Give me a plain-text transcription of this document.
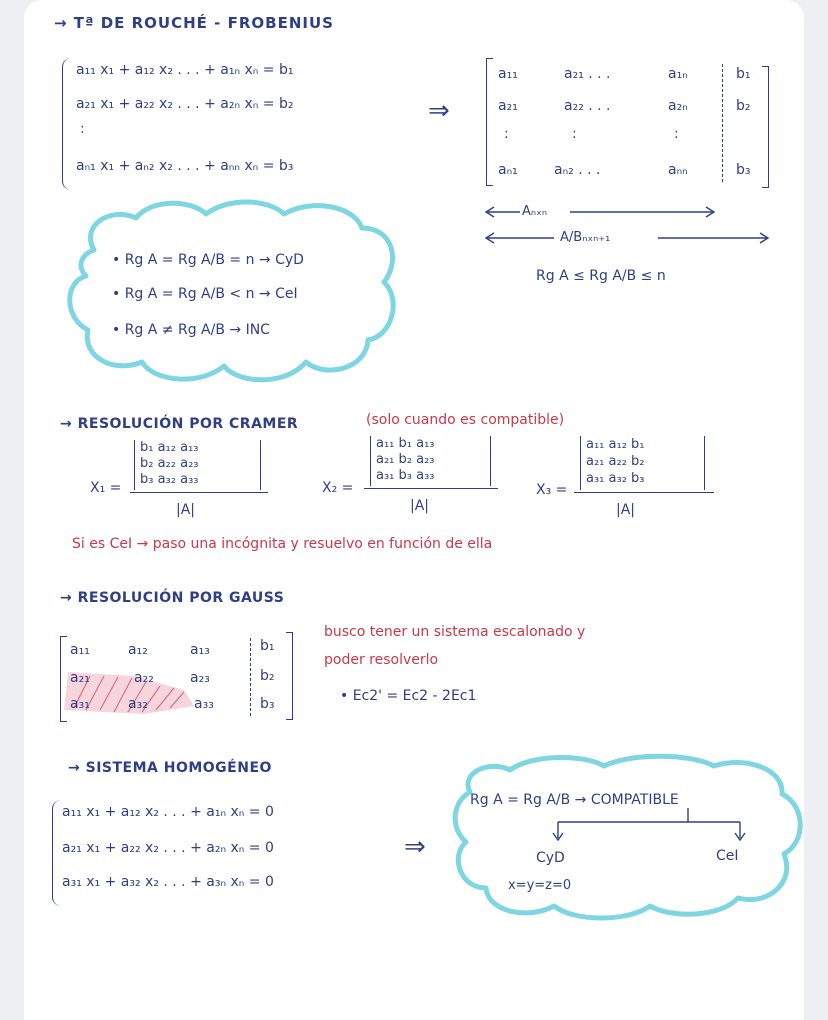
→ Tª DE ROUCHÉ - FROBENIUS
a₁₁ x₁ + a₁₂ x₂ . . . + a₁ₙ xₙ = b₁
a₂₁ x₁ + a₂₂ x₂ . . . + a₂ₙ xₙ = b₂
:
aₙ₁ x₁ + aₙ₂ x₂ . . . + aₙₙ xₙ = b₃
⇒
a₁₁	a₂₁ . . .	a₁ₙ	b₁
a₂₁	a₂₂ . . .	a₂ₙ	b₂
:	:	:
aₙ₁	aₙ₂ . . .	aₙₙ	b₃
Aₙₓₙ
A/Bₙₓₙ₊₁
Rg A ≤ Rg A/B ≤ n
• Rg A = Rg A/B = n → CyD
• Rg A = Rg A/B < n → CeI
• Rg A ≠ Rg A/B → INC
→ RESOLUCIÓN POR CRAMER	(solo cuando es compatible)
X₁ =
b₁ a₁₂ a₁₃
b₂ a₂₂ a₂₃
b₃ a₃₂ a₃₃
|A|
X₂ =
a₁₁ b₁ a₁₃
a₂₁ b₂ a₂₃
a₃₁ b₃ a₃₃
|A|
X₃ =
a₁₁ a₁₂ b₁
a₂₁ a₂₂ b₂
a₃₁ a₃₂ b₃
|A|
Si es CeI → paso una incógnita y resuelvo en función de ella
→ RESOLUCIÓN POR GAUSS
a₁₁	a₁₂	a₁₃	b₁
a₂₁	a₂₂	a₂₃	b₂
a₃₁	a₃₂	a₃₃	b₃
busco tener un sistema escalonado y
poder resolverlo
• Ec2' = Ec2 - 2Ec1
→ SISTEMA HOMOGÉNEO
a₁₁ x₁ + a₁₂ x₂ . . . + a₁ₙ xₙ = 0
a₂₁ x₁ + a₂₂ x₂ . . . + a₂ₙ xₙ = 0
a₃₁ x₁ + a₃₂ x₂ . . . + a₃ₙ xₙ = 0
⇒
Rg A = Rg A/B → COMPATIBLE
CyD	CeI
x=y=z=0
